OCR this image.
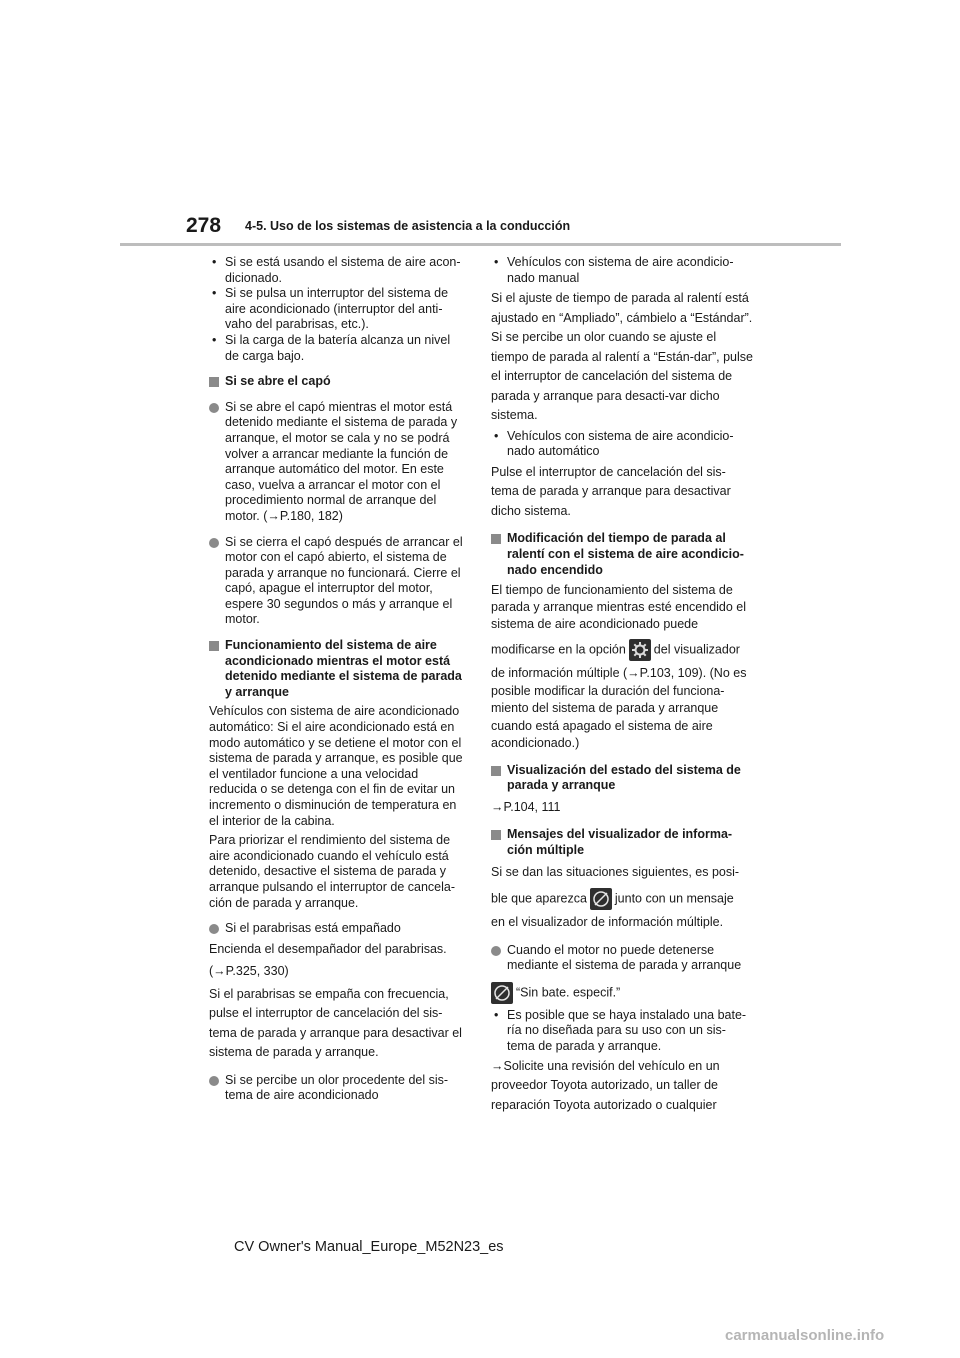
278 4-5. Uso de los sistemas de asistencia a la conducción
• Si se está usando el sistema de aire acon-dicionado.
• Si se pulsa un interruptor del sistema de aire acondicionado (interruptor del anti-vaho del parabrisas, etc.).
• Si la carga de la batería alcanza un nivel de carga bajo.
Si se abre el capó
Si se abre el capó mientras el motor está detenido mediante el sistema de parada y arranque, el motor se cala y no se podrá volver a arrancar mediante la función de arranque automático del motor. En este caso, vuelva a arrancar el motor con el procedimiento normal de arranque del motor. (→P.180, 182)
Si se cierra el capó después de arrancar el motor con el capó abierto, el sistema de parada y arranque no funcionará. Cierre el capó, apague el interruptor del motor, espere 30 segundos o más y arranque el motor.
Funcionamiento del sistema de aire acondicionado mientras el motor está detenido mediante el sistema de parada y arranque
Vehículos con sistema de aire acondicionado automático: Si el aire acondicionado está en modo automático y se detiene el motor con el sistema de parada y arranque, es posible que el ventilador funcione a una velocidad reducida o se detenga con el fin de evitar un incremento o disminución de temperatura en el interior de la cabina.
Para priorizar el rendimiento del sistema de aire acondicionado cuando el vehículo está detenido, desactive el sistema de parada y arranque pulsando el interruptor de cancela-ción de parada y arranque.
Si el parabrisas está empañado
Encienda el desempañador del parabrisas.
(→P.325, 330)
Si el parabrisas se empaña con frecuencia, pulse el interruptor de cancelación del sis-tema de parada y arranque para desactivar el sistema de parada y arranque.
Si se percibe un olor procedente del sis-tema de aire acondicionado
• Vehículos con sistema de aire acondicio-nado manual
Si el ajuste de tiempo de parada al ralentí está ajustado en “Ampliado”, cámbielo a “Estándar”. Si se percibe un olor cuando se ajuste el tiempo de parada al ralentí a “Están-dar”, pulse el interruptor de cancelación del sistema de parada y arranque para desacti-var dicho sistema.
• Vehículos con sistema de aire acondicio-nado automático
Pulse el interruptor de cancelación del sis-tema de parada y arranque para desactivar dicho sistema.
Modificación del tiempo de parada al ralentí con el sistema de aire acondicio-nado encendido
El tiempo de funcionamiento del sistema de parada y arranque mientras esté encendido el sistema de aire acondicionado puede
modificarse en la opción del visualizador
de información múltiple (→P.103, 109). (No es posible modificar la duración del funciona-miento del sistema de parada y arranque cuando está apagado el sistema de aire acondicionado.)
Visualización del estado del sistema de parada y arranque
→P.104, 111
Mensajes del visualizador de informa-ción múltiple
Si se dan las situaciones siguientes, es posi-
ble que aparezca junto con un mensaje
en el visualizador de información múltiple.
Cuando el motor no puede detenerse mediante el sistema de parada y arranque
“Sin bate. especif.”
• Es posible que se haya instalado una bate-ría no diseñada para su uso con un sis-tema de parada y arranque.
→Solicite una revisión del vehículo en un proveedor Toyota autorizado, un taller de reparación Toyota autorizado o cualquier
CV Owner's Manual_Europe_M52N23_es
carmanualsonline.info
